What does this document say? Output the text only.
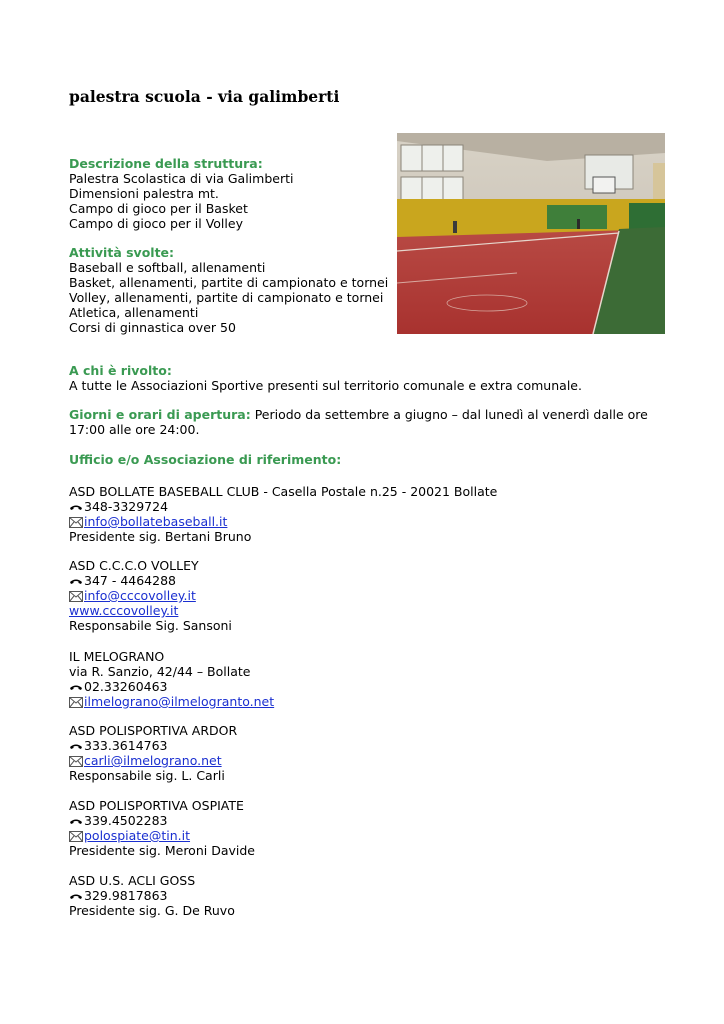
palestra scuola - via galimberti
Descrizione della struttura:
Palestra Scolastica di via Galimberti
Dimensioni palestra mt.
Campo di gioco per il Basket
Campo di gioco per il Volley
Attività svolte:
Baseball e softball, allenamenti
Basket, allenamenti, partite di campionato e tornei
Volley, allenamenti, partite di campionato e tornei
Atletica, allenamenti
Corsi di ginnastica over 50
A chi è rivolto:
A tutte le Associazioni Sportive presenti sul territorio comunale e extra comunale.
Giorni e orari di apertura: Periodo da settembre a giugno – dal lunedì al venerdì dalle ore
17:00 alle ore 24:00.
Ufficio e/o Associazione di riferimento:
ASD BOLLATE BASEBALL CLUB - Casella Postale n.25 - 20021 Bollate
348-3329724
info@bollatebaseball.it
Presidente sig. Bertani Bruno
ASD C.C.C.O VOLLEY
347 - 4464288
info@cccovolley.it
www.cccovolley.it
Responsabile Sig. Sansoni
IL MELOGRANO
via R. Sanzio, 42/44 – Bollate
02.33260463
ilmelograno@ilmelogranto.net
ASD POLISPORTIVA ARDOR
333.3614763
carli@ilmelograno.net
Responsabile sig. L. Carli
ASD POLISPORTIVA OSPIATE
339.4502283
polospiate@tin.it
Presidente sig. Meroni Davide
ASD U.S. ACLI GOSS
329.9817863
Presidente sig. G. De Ruvo
